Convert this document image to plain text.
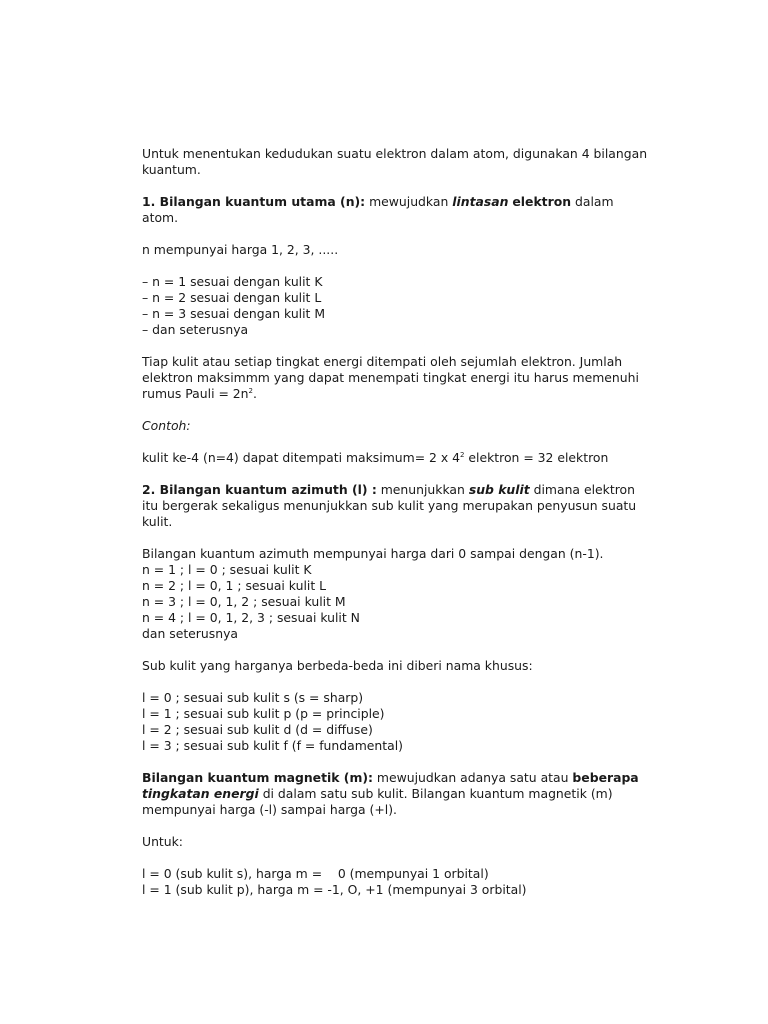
Untuk menentukan kedudukan suatu elektron dalam atom, digunakan 4 bilangan
kuantum.

1. Bilangan kuantum utama (n): mewujudkan lintasan elektron dalam
atom.

n mempunyai harga 1, 2, 3, .....

– n = 1 sesuai dengan kulit K
– n = 2 sesuai dengan kulit L
– n = 3 sesuai dengan kulit M
– dan seterusnya

Tiap kulit atau setiap tingkat energi ditempati oleh sejumlah elektron. Jumlah
elektron maksimmm yang dapat menempati tingkat energi itu harus memenuhi
rumus Pauli = $2n^2$.

Contoh:

kulit ke-4 (n=4) dapat ditempati maksimum= 2 x $4^2$ elektron = 32 elektron

2. Bilangan kuantum azimuth (l) : menunjukkan sub kulit dimana elektron
itu bergerak sekaligus menunjukkan sub kulit yang merupakan penyusun suatu
kulit.

Bilangan kuantum azimuth mempunyai harga dari 0 sampai dengan (n-1).
n = 1 ; l = 0 ; sesuai kulit K
n = 2 ; l = 0, 1 ; sesuai kulit L
n = 3 ; l = 0, 1, 2 ; sesuai kulit M
n = 4 ; l = 0, 1, 2, 3 ; sesuai kulit N
dan seterusnya

Sub kulit yang harganya berbeda-beda ini diberi nama khusus:

l = 0 ; sesuai sub kulit s (s = sharp)
l = 1 ; sesuai sub kulit p (p = principle)
l = 2 ; sesuai sub kulit d (d = diffuse)
l = 3 ; sesuai sub kulit f (f = fundamental)

Bilangan kuantum magnetik (m): mewujudkan adanya satu atau beberapa
tingkatan energi di dalam satu sub kulit. Bilangan kuantum magnetik (m)
mempunyai harga (-l) sampai harga (+l).

Untuk:

l = 0 (sub kulit s), harga m =    0 (mempunyai 1 orbital)
l = 1 (sub kulit p), harga m = -1, O, +1 (mempunyai 3 orbital)
